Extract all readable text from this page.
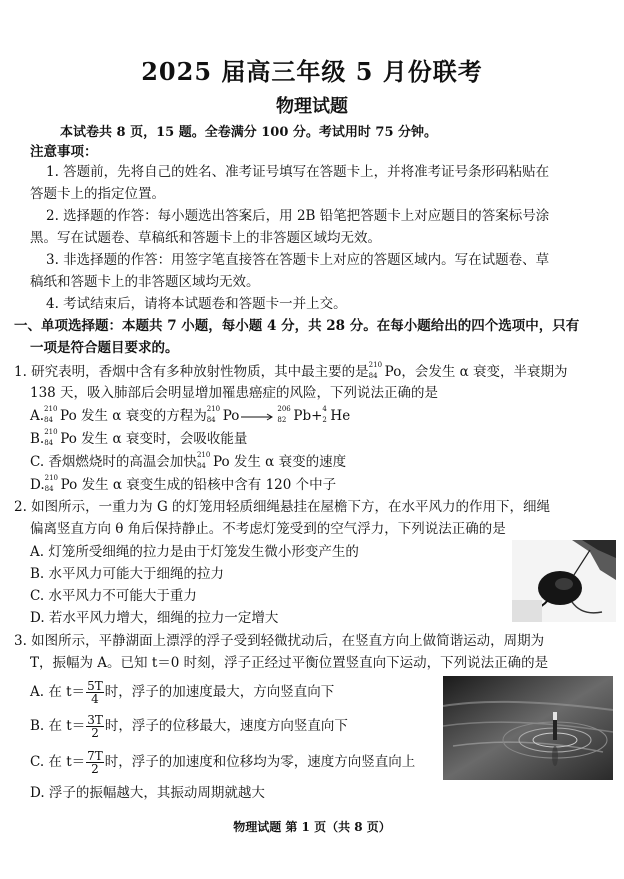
2025 届高三年级 5 月份联考
物理试题
本试卷共 8 页，15 题。全卷满分 100 分。考试用时 75 分钟。
注意事项：
1. 答题前，先将自己的姓名、准考证号填写在答题卡上，并将准考证号条形码粘贴在
答题卡上的指定位置。
2. 选择题的作答：每小题选出答案后，用 2B 铅笔把答题卡上对应题目的答案标号涂
黑。写在试题卷、草稿纸和答题卡上的非答题区域均无效。
3. 非选择题的作答：用签字笔直接答在答题卡上对应的答题区域内。写在试题卷、草
稿纸和答题卡上的非答题区域均无效。
4. 考试结束后，请将本试题卷和答题卡一并上交。
一、单项选择题：本题共 7 小题，每小题 4 分，共 28 分。在每小题给出的四个选项中，只有
一项是符合题目要求的。
1. 研究表明，香烟中含有多种放射性物质，其中最主要的是 210
84 Po，会发生 α 衰变，半衰期为
138 天，吸入肺部后会明显增加罹患癌症的风险，下列说法正确的是
A. 210
84 Po 发生 α 衰变的方程为 210
84 Po →
206
82 Pb+ 4
2 He
B. 210
84 Po 发生 α 衰变时，会吸收能量
C. 香烟燃烧时的高温会加快 210
84 Po 发生 α 衰变的速度
D. 210
84 Po 发生 α 衰变生成的铅核中含有 120 个中子
2. 如图所示，一重力为 G 的灯笼用轻质细绳悬挂在屋檐下方，在水平风力的作用下，细绳
偏离竖直方向 θ 角后保持静止。不考虑灯笼受到的空气浮力，下列说法正确的是
A. 灯笼所受细绳的拉力是由于灯笼发生微小形变产生的
B. 水平风力可能大于细绳的拉力
C. 水平风力不可能大于重力
D. 若水平风力增大，细绳的拉力一定增大
3. 如图所示，平静湖面上漂浮的浮子受到轻微扰动后，在竖直方向上做简谐运动，周期为
T，振幅为 A。已知 t＝0 时刻，浮子正经过平衡位置竖直向下运动，下列说法正确的是
A. 在 $t= \frac{5T}{4}$ 时，浮子的加速度最大，方向竖直向下
B. 在 $t= \frac{3T}{2}$ 时，浮子的位移最大，速度方向竖直向下
C. 在 $t= \frac{7T}{2}$ 时，浮子的加速度和位移均为零，速度方向竖直向上
D. 浮子的振幅越大，其振动周期就越大
物理试题 第 1 页（共 8 页）
